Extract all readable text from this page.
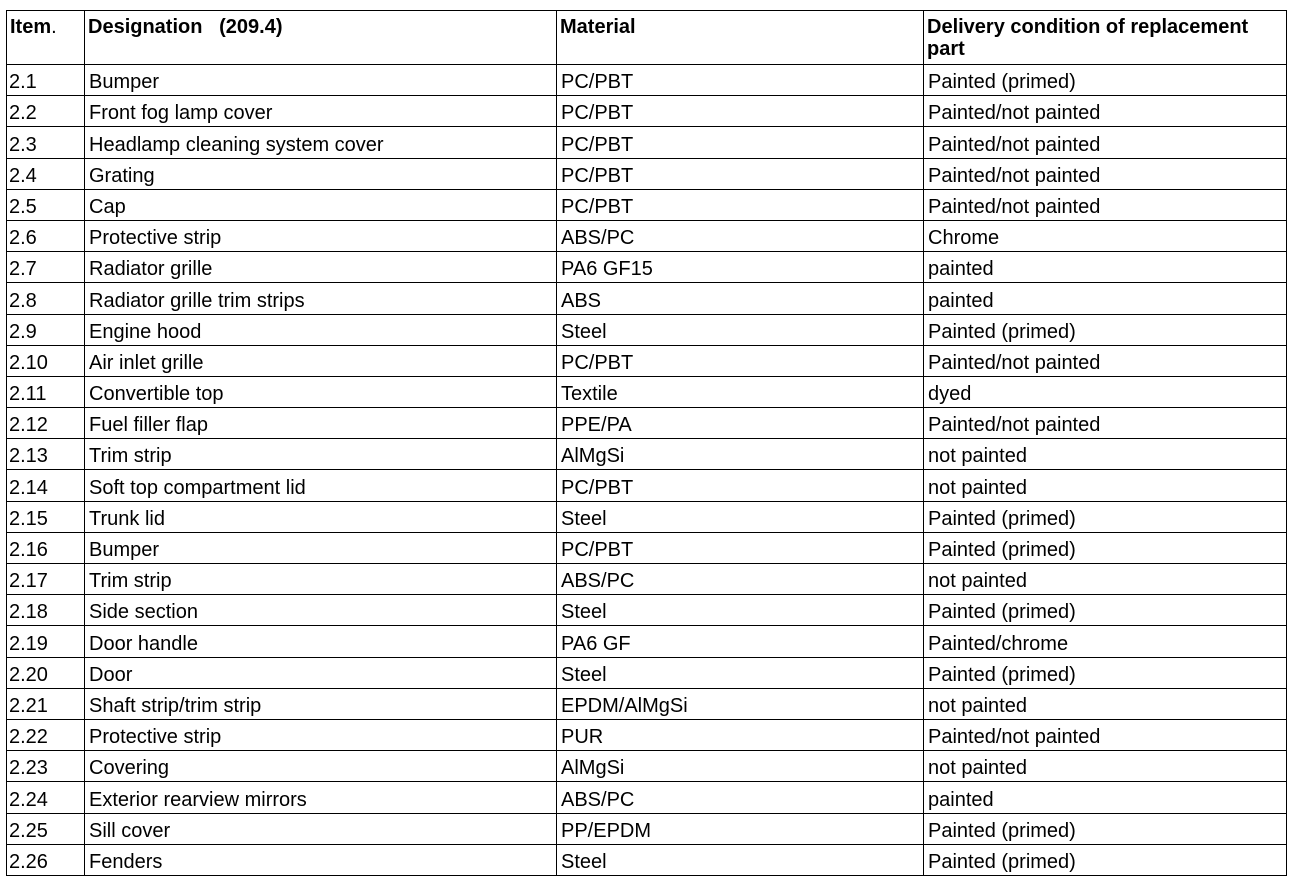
Item.	Designation   (209.4)	Material	Delivery condition of replacement part
2.1	Bumper	PC/PBT	Painted (primed)
2.2	Front fog lamp cover	PC/PBT	Painted/not painted
2.3	Headlamp cleaning system cover	PC/PBT	Painted/not painted
2.4	Grating	PC/PBT	Painted/not painted
2.5	Cap	PC/PBT	Painted/not painted
2.6	Protective strip	ABS/PC	Chrome
2.7	Radiator grille	PA6 GF15	painted
2.8	Radiator grille trim strips	ABS	painted
2.9	Engine hood	Steel	Painted (primed)
2.10	Air inlet grille	PC/PBT	Painted/not painted
2.11	Convertible top	Textile	dyed
2.12	Fuel filler flap	PPE/PA	Painted/not painted
2.13	Trim strip	AlMgSi	not painted
2.14	Soft top compartment lid	PC/PBT	not painted
2.15	Trunk lid	Steel	Painted (primed)
2.16	Bumper	PC/PBT	Painted (primed)
2.17	Trim strip	ABS/PC	not painted
2.18	Side section	Steel	Painted (primed)
2.19	Door handle	PA6 GF	Painted/chrome
2.20	Door	Steel	Painted (primed)
2.21	Shaft strip/trim strip	EPDM/AlMgSi	not painted
2.22	Protective strip	PUR	Painted/not painted
2.23	Covering	AlMgSi	not painted
2.24	Exterior rearview mirrors	ABS/PC	painted
2.25	Sill cover	PP/EPDM	Painted (primed)
2.26	Fenders	Steel	Painted (primed)
